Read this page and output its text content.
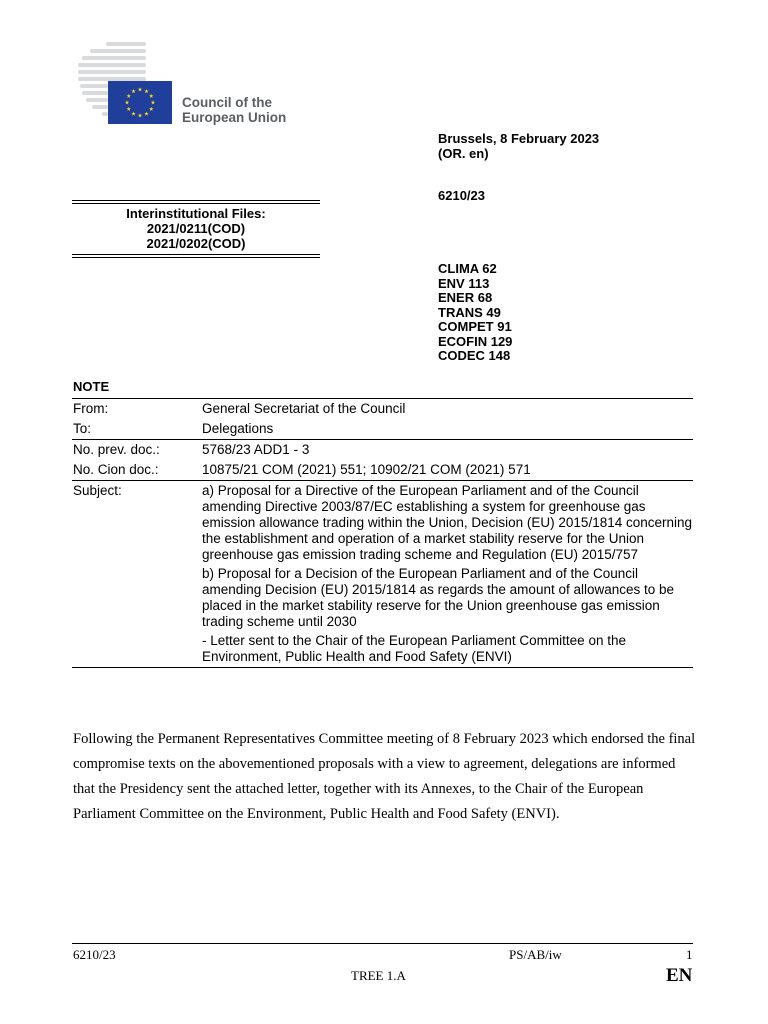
Council of the
European Union
Brussels, 8 February 2023
(OR. en)
6210/23
CLIMA 62
ENV 113
ENER 68
TRANS 49
COMPET 91
ECOFIN 129
CODEC 148
Interinstitutional Files:
2021/0211(COD)
2021/0202(COD)
NOTE
From:	General Secretariat of the Council
To:	Delegations
No. prev. doc.:	5768/23 ADD1 - 3
No. Cion doc.:	10875/21 COM (2021) 551; 10902/21 COM (2021) 571
Subject:	a) Proposal for a Directive of the European Parliament and of the Council amending Directive 2003/87/EC establishing a system for greenhouse gas emission allowance trading within the Union, Decision (EU) 2015/1814 concerning the establishment and operation of a market stability reserve for the Union greenhouse gas emission trading scheme and Regulation (EU) 2015/757

b) Proposal for a Decision of the European Parliament and of the Council amending Decision (EU) 2015/1814 as regards the amount of allowances to be placed in the market stability reserve for the Union greenhouse gas emission trading scheme until 2030

- Letter sent to the Chair of the European Parliament Committee on the Environment, Public Health and Food Safety (ENVI)

Following the Permanent Representatives Committee meeting of 8 February 2023 which endorsed the final compromise texts on the abovementioned proposals with a view to agreement, delegations are informed that the Presidency sent the attached letter, together with its Annexes, to the Chair of the European Parliament Committee on the Environment, Public Health and Food Safety (ENVI).
6210/23	PS/AB/iw	1
TREE 1.A	EN
